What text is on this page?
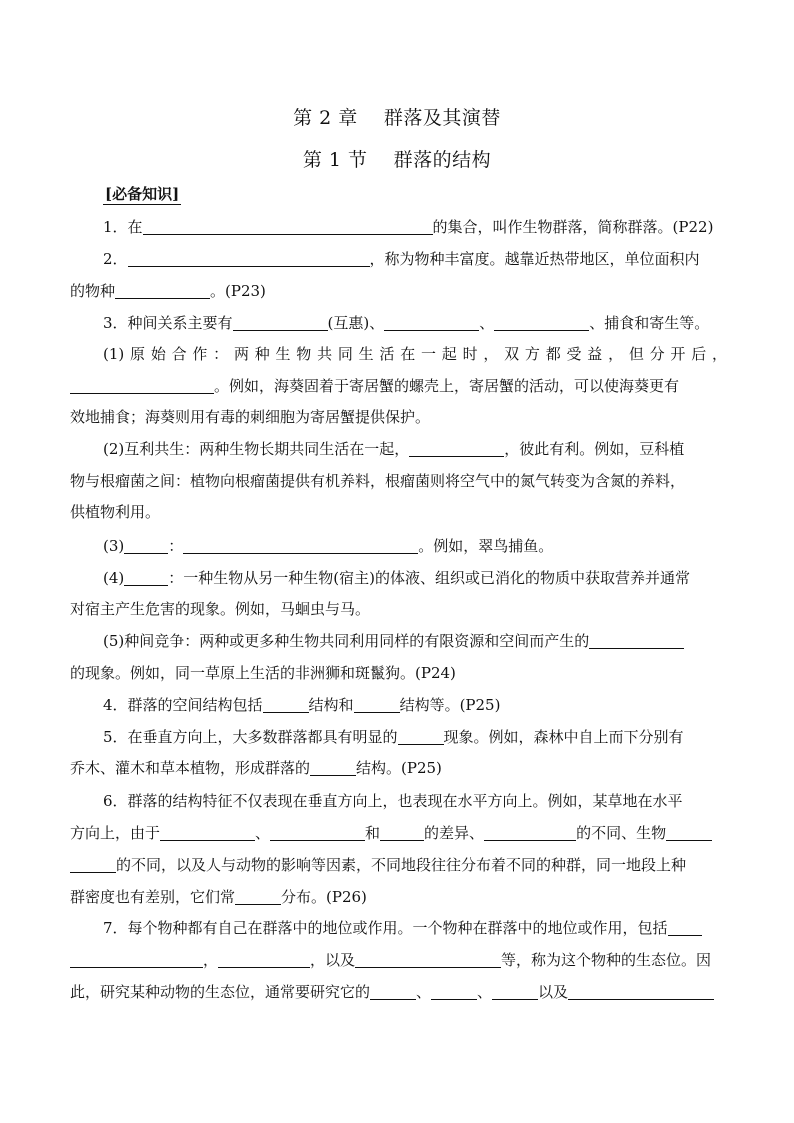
第 2 章    群落及其演替
第 1 节    群落的结构
[必备知识]
1．在	的集合，叫作生物群落，简称群落。(P22)
2．	，称为物种丰富度。越靠近热带地区，单位面积内
的物种	。(P23)
3．种间关系主要有	(互惠)、	、	、捕食和寄生等。
(1)原始合作：两种生物共同生活在一起时，双方都受益，但分开后，
。例如，海葵固着于寄居蟹的螺壳上，寄居蟹的活动，可以使海葵更有
效地捕食；海葵则用有毒的刺细胞为寄居蟹提供保护。
(2)互利共生：两种生物长期共同生活在一起，	，彼此有利。例如，豆科植
物与根瘤菌之间：植物向根瘤菌提供有机养料，根瘤菌则将空气中的氮气转变为含氮的养料，
供植物利用。
(3)	：	。例如，翠鸟捕鱼。
(4)	：一种生物从另一种生物(宿主)的体液、组织或已消化的物质中获取营养并通常
对宿主产生危害的现象。例如，马蛔虫与马。
(5)种间竞争：两种或更多种生物共同利用同样的有限资源和空间而产生的
的现象。例如，同一草原上生活的非洲狮和斑鬣狗。(P24)
4．群落的空间结构包括	结构和	结构等。(P25)
5．在垂直方向上，大多数群落都具有明显的	现象。例如，森林中自上而下分别有
乔木、灌木和草本植物，形成群落的	结构。(P25)
6．群落的结构特征不仅表现在垂直方向上，也表现在水平方向上。例如，某草地在水平
方向上，由于	、	和	的差异、	的不同、生物
的不同，以及人与动物的影响等因素，不同地段往往分布着不同的种群，同一地段上种
群密度也有差别，它们常	分布。(P26)
7．每个物种都有自己在群落中的地位或作用。一个物种在群落中的地位或作用，包括
，	，以及	等，称为这个物种的生态位。因
此，研究某种动物的生态位，通常要研究它的	、	、	以及
